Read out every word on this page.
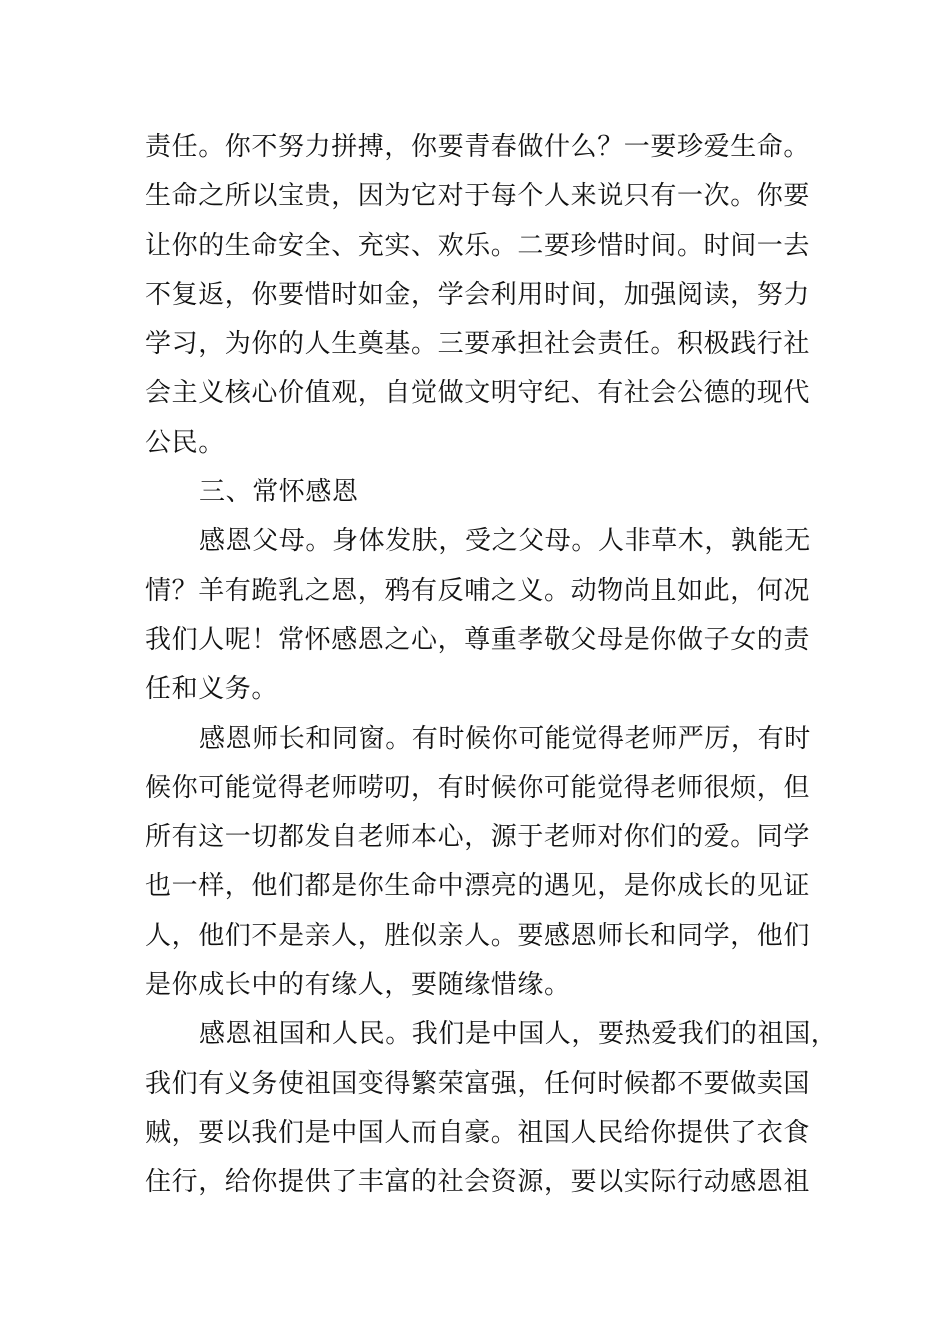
责任。你不努力拼搏，你要青春做什么？一要珍爱生命。
生命之所以宝贵，因为它对于每个人来说只有一次。你要
让你的生命安全、充实、欢乐。二要珍惜时间。时间一去
不复返，你要惜时如金，学会利用时间，加强阅读，努力
学习，为你的人生奠基。三要承担社会责任。积极践行社
会主义核心价值观，自觉做文明守纪、有社会公德的现代
公民。
三、常怀感恩
感恩父母。身体发肤，受之父母。人非草木，孰能无
情？羊有跪乳之恩，鸦有反哺之义。动物尚且如此，何况
我们人呢！常怀感恩之心，尊重孝敬父母是你做子女的责
任和义务。
感恩师长和同窗。有时候你可能觉得老师严厉，有时
候你可能觉得老师唠叨，有时候你可能觉得老师很烦，但
所有这一切都发自老师本心，源于老师对你们的爱。同学
也一样，他们都是你生命中漂亮的遇见，是你成长的见证
人，他们不是亲人，胜似亲人。要感恩师长和同学，他们
是你成长中的有缘人，要随缘惜缘。
感恩祖国和人民。我们是中国人，要热爱我们的祖国，
我们有义务使祖国变得繁荣富强，任何时候都不要做卖国
贼，要以我们是中国人而自豪。祖国人民给你提供了衣食
住行，给你提供了丰富的社会资源，要以实际行动感恩祖
